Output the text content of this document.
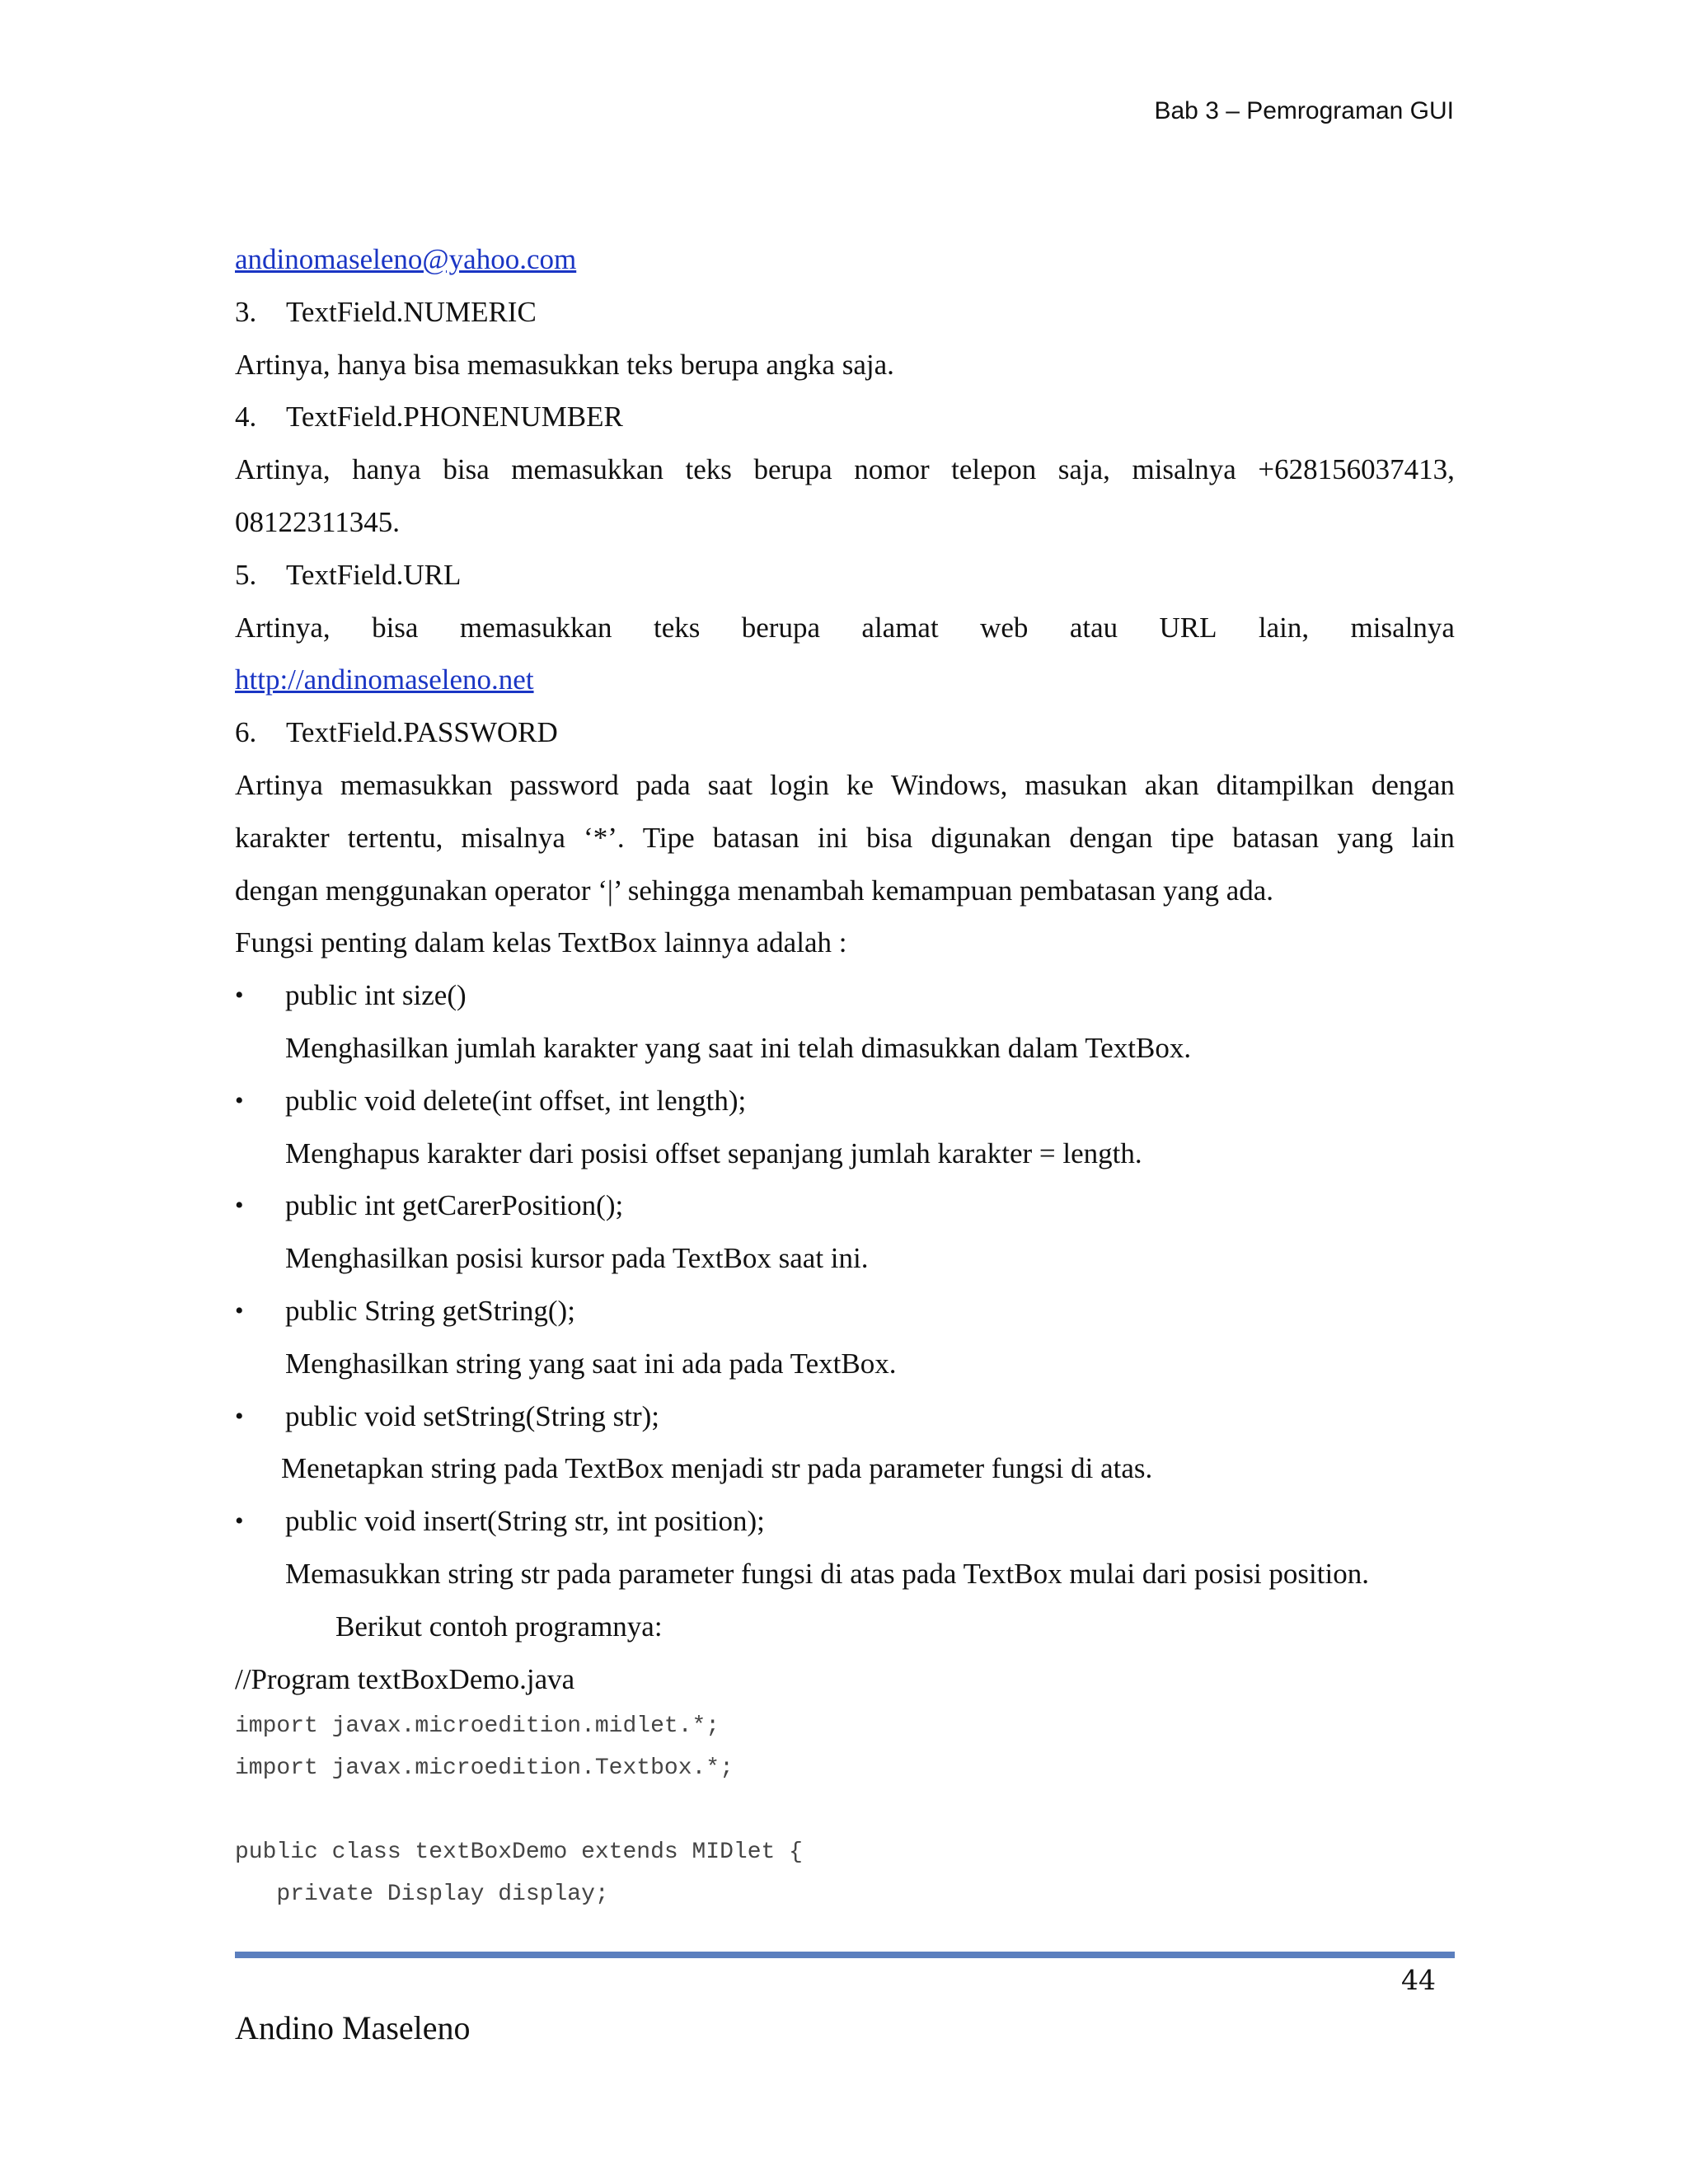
Bab 3 – Pemrograman GUI
andinomaseleno@yahoo.com
3. TextField.NUMERIC
Artinya, hanya bisa memasukkan teks berupa angka saja.
4. TextField.PHONENUMBER
Artinya, hanya bisa memasukkan teks berupa nomor telepon saja, misalnya +628156037413,
08122311345.
5. TextField.URL
Artinya, bisa memasukkan teks berupa alamat web atau URL lain, misalnya
http://andinomaseleno.net
6. TextField.PASSWORD
Artinya memasukkan password pada saat login ke Windows, masukan akan ditampilkan dengan
karakter tertentu, misalnya ‘*’. Tipe batasan ini bisa digunakan dengan tipe batasan yang lain
dengan menggunakan operator ‘|’ sehingga menambah kemampuan pembatasan yang ada.
Fungsi penting dalam kelas TextBox lainnya adalah :
•	public int size()
Menghasilkan jumlah karakter yang saat ini telah dimasukkan dalam TextBox.
•	public void delete(int offset, int length);
Menghapus karakter dari posisi offset sepanjang jumlah karakter = length.
•	public int getCarerPosition();
Menghasilkan posisi kursor pada TextBox saat ini.
•	public String getString();
Menghasilkan string yang saat ini ada pada TextBox.
•	public void setString(String str);
Menetapkan string pada TextBox menjadi str pada parameter fungsi di atas.
•	public void insert(String str, int position);
Memasukkan string str pada parameter fungsi di atas pada TextBox mulai dari posisi position.
Berikut contoh programnya:
//Program textBoxDemo.java
import javax.microedition.midlet.*;
import javax.microedition.Textbox.*;
public class textBoxDemo extends MIDlet {
private Display display;
44
Andino Maseleno
